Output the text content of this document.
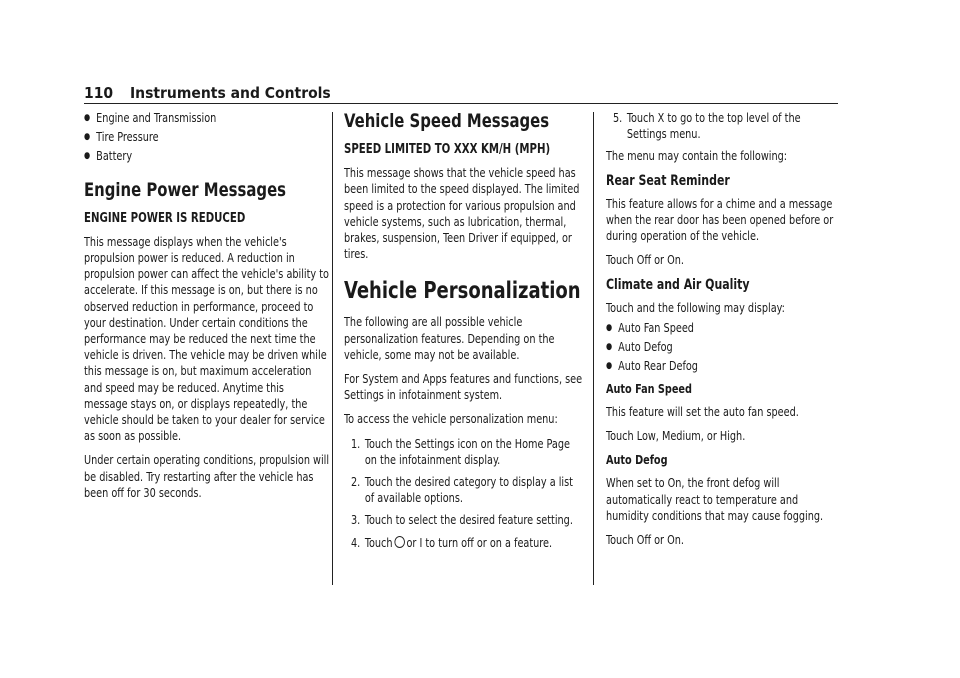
110 Instruments and Controls
● Engine and Transmission
● Tire Pressure
● Battery
Engine Power Messages
ENGINE POWER IS REDUCED

This message displays when the vehicle's propulsion power is reduced. A reduction in propulsion power can affect the vehicle's ability to accelerate. If this message is on, but there is no observed reduction in performance, proceed to your destination. Under certain conditions the performance may be reduced the next time the vehicle is driven. The vehicle may be driven while this message is on, but maximum acceleration and speed may be reduced. Anytime this message stays on, or displays repeatedly, the vehicle should be taken to your dealer for service as soon as possible.

Under certain operating conditions, propulsion will be disabled. Try restarting after the vehicle has been off for 30 seconds.

Vehicle Speed Messages
SPEED LIMITED TO XXX KM/H (MPH)

This message shows that the vehicle speed has been limited to the speed displayed. The limited speed is a protection for various propulsion and vehicle systems, such as lubrication, thermal, brakes, suspension, Teen Driver if equipped, or tires.

Vehicle Personalization

The following are all possible vehicle personalization features. Depending on the vehicle, some may not be available.

For System and Apps features and functions, see Settings in infotainment system.

To access the vehicle personalization menu:

1. Touch the Settings icon on the Home Page on the infotainment display.
2. Touch the desired category to display a list of available options.
3. Touch to select the desired feature setting.
4. Touch or I to turn off or on a feature.
5. Touch X to go to the top level of the Settings menu.

The menu may contain the following:

Rear Seat Reminder

This feature allows for a chime and a message when the rear door has been opened before or during operation of the vehicle.

Touch Off or On.

Climate and Air Quality

Touch and the following may display:

● Auto Fan Speed
● Auto Defog
● Auto Rear Defog
Auto Fan Speed

This feature will set the auto fan speed.

Touch Low, Medium, or High.

Auto Defog

When set to On, the front defog will automatically react to temperature and humidity conditions that may cause fogging.

Touch Off or On.
